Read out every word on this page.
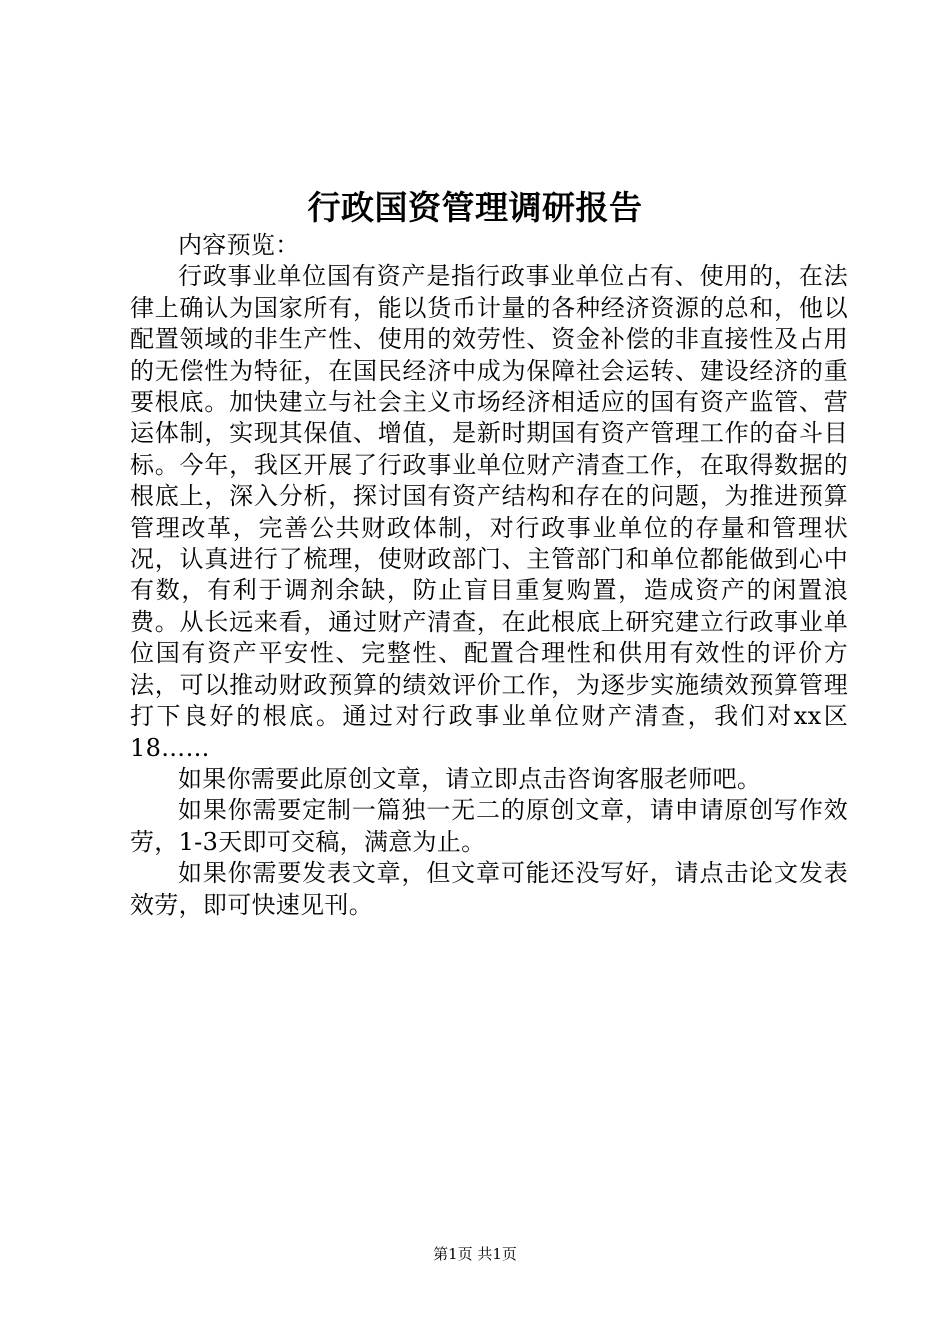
行政国资管理调研报告

内容预览：

行政事业单位国有资产是指行政事业单位占有、使用的，在法律上确认为国家所有，能以货币计量的各种经济资源的总和，他以配置领域的非生产性、使用的效劳性、资金补偿的非直接性及占用的无偿性为特征，在国民经济中成为保障社会运转、建设经济的重要根底。加快建立与社会主义市场经济相适应的国有资产监管、营运体制，实现其保值、增值，是新时期国有资产管理工作的奋斗目标。今年，我区开展了行政事业单位财产清查工作，在取得数据的根底上，深入分析，探讨国有资产结构和存在的问题，为推进预算管理改革，完善公共财政体制，对行政事业单位的存量和管理状况，认真进行了梳理，使财政部门、主管部门和单位都能做到心中有数，有利于调剂余缺，防止盲目重复购置，造成资产的闲置浪费。从长远来看，通过财产清查，在此根底上研究建立行政事业单位国有资产平安性、完整性、配置合理性和供用有效性的评价方法，可以推动财政预算的绩效评价工作，为逐步实施绩效预算管理打下良好的根底。通过对行政事业单位财产清查，我们对xx区18……

如果你需要此原创文章，请立即点击咨询客服老师吧。

如果你需要定制一篇独一无二的原创文章，请申请原创写作效劳，1-3天即可交稿，满意为止。

如果你需要发表文章，但文章可能还没写好，请点击论文发表效劳，即可快速见刊。

第1页 共1页
